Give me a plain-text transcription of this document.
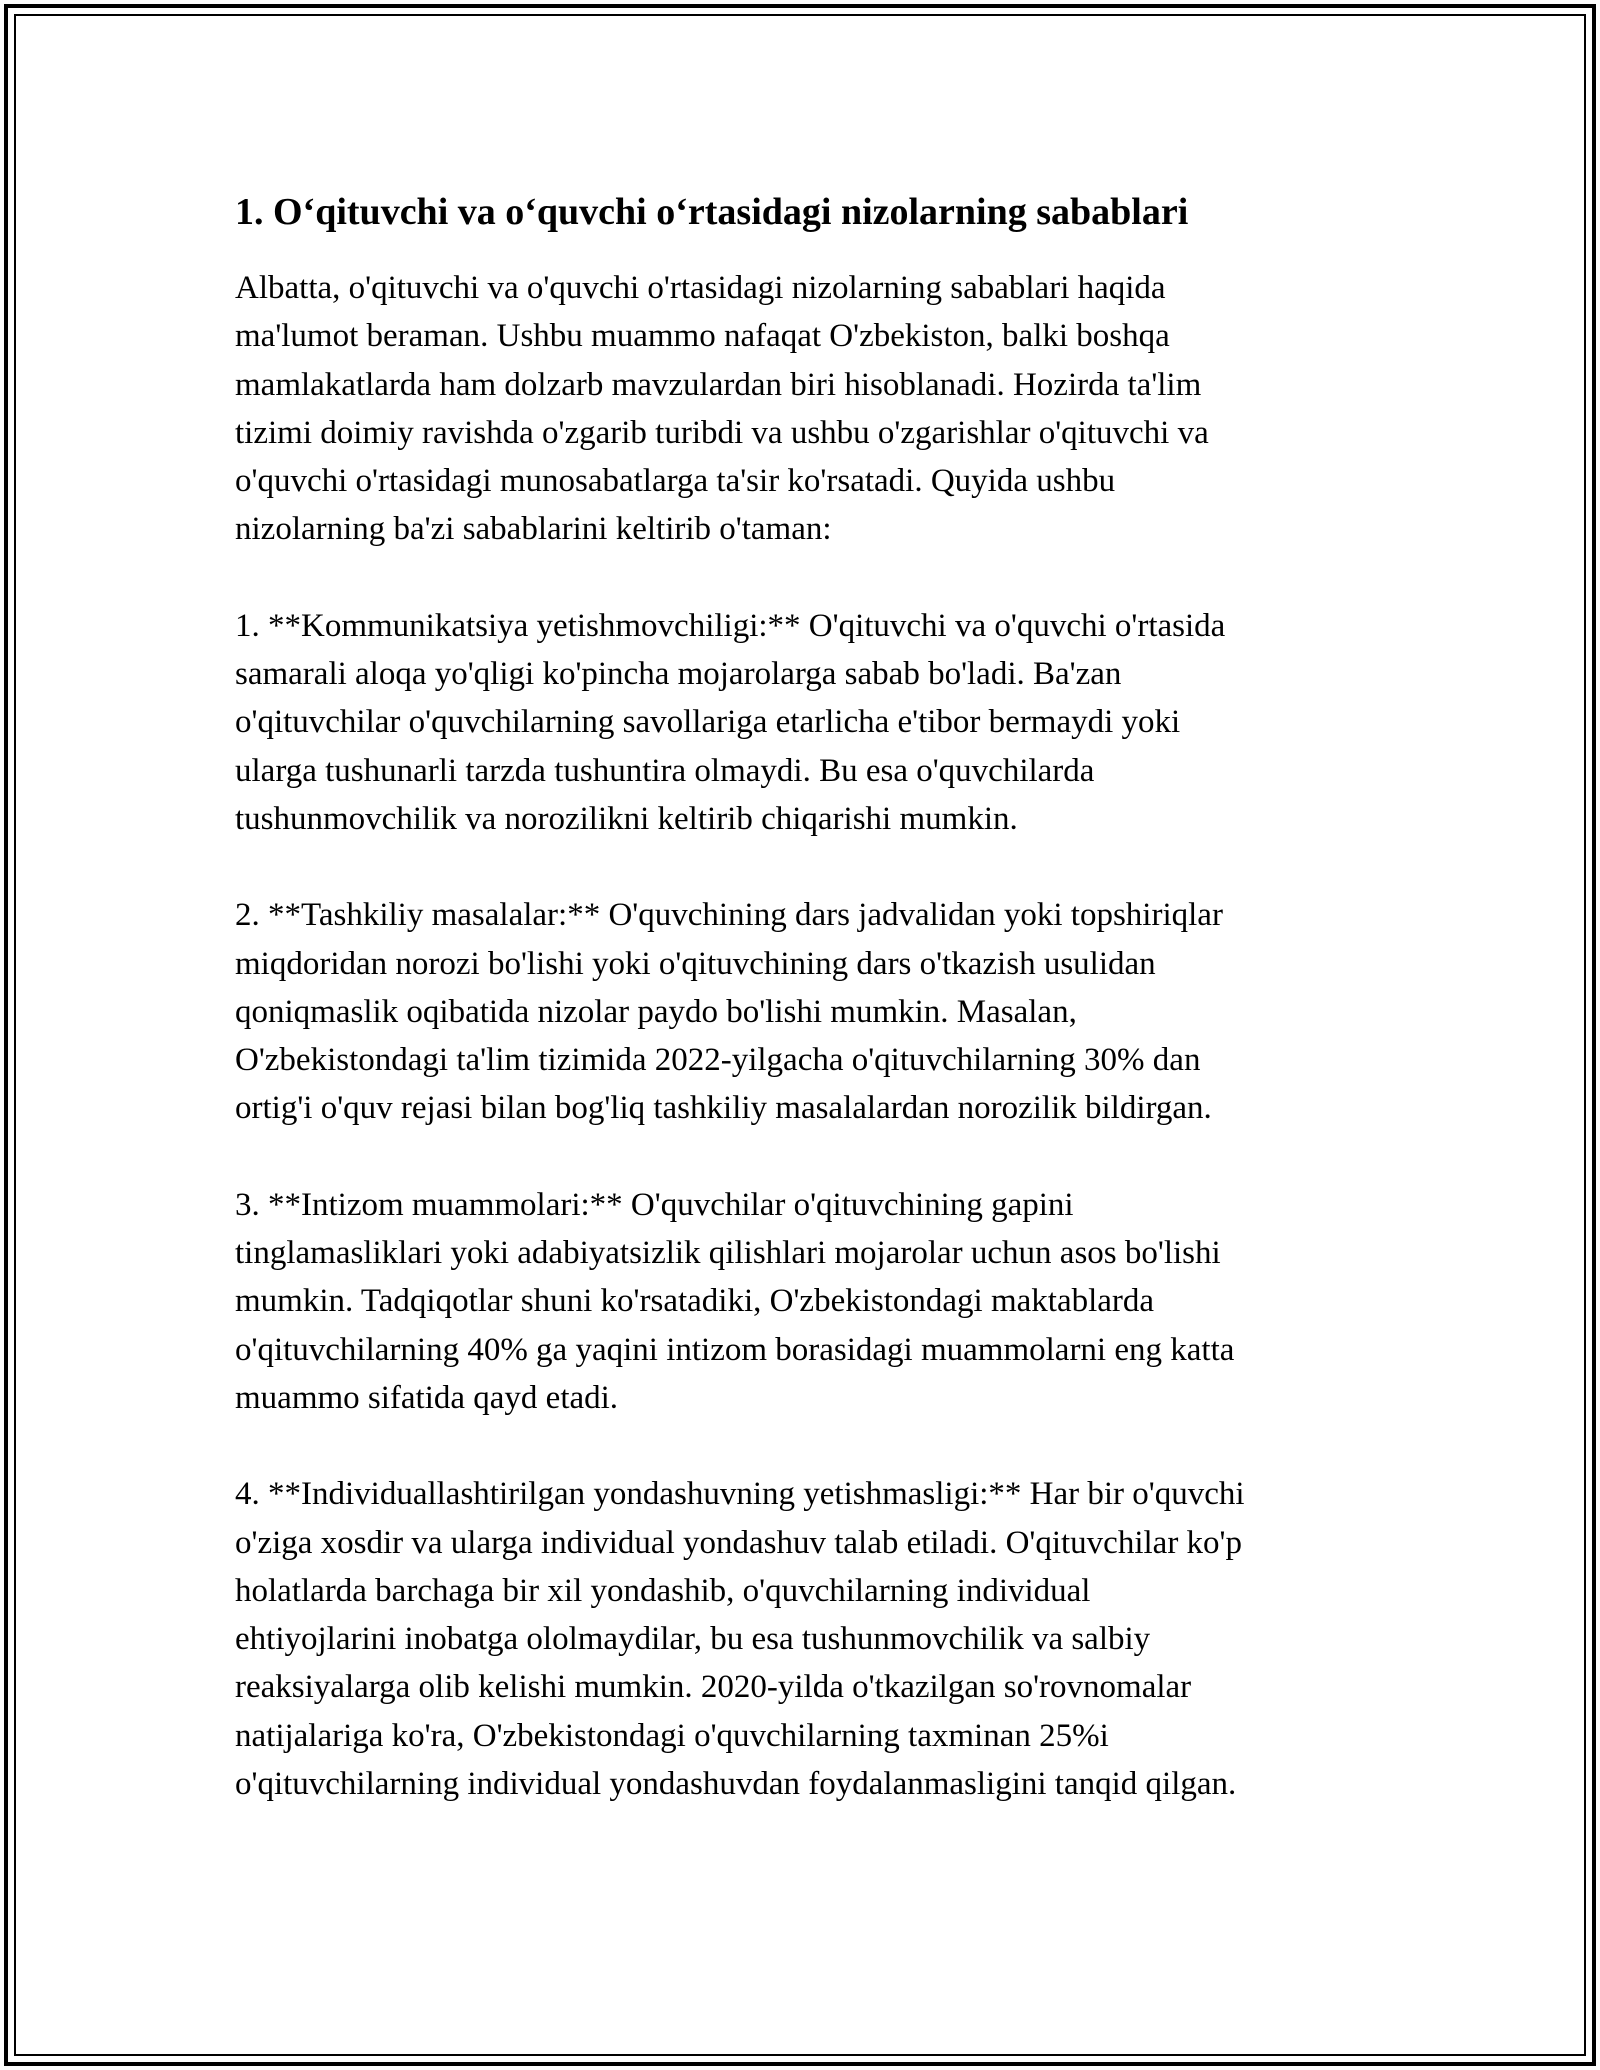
1. Oʻqituvchi va oʻquvchi oʻrtasidagi nizolarning sabablari

Albatta, o'qituvchi va o'quvchi o'rtasidagi nizolarning sabablari haqida
ma'lumot beraman. Ushbu muammo nafaqat O'zbekiston, balki boshqa
mamlakatlarda ham dolzarb mavzulardan biri hisoblanadi. Hozirda ta'lim
tizimi doimiy ravishda o'zgarib turibdi va ushbu o'zgarishlar o'qituvchi va
o'quvchi o'rtasidagi munosabatlarga ta'sir ko'rsatadi. Quyida ushbu
nizolarning ba'zi sabablarini keltirib o'taman:

1. **Kommunikatsiya yetishmovchiligi:** O'qituvchi va o'quvchi o'rtasida
samarali aloqa yo'qligi ko'pincha mojarolarga sabab bo'ladi. Ba'zan
o'qituvchilar o'quvchilarning savollariga etarlicha e'tibor bermaydi yoki
ularga tushunarli tarzda tushuntira olmaydi. Bu esa o'quvchilarda
tushunmovchilik va norozilikni keltirib chiqarishi mumkin.

2. **Tashkiliy masalalar:** O'quvchining dars jadvalidan yoki topshiriqlar
miqdoridan norozi bo'lishi yoki o'qituvchining dars o'tkazish usulidan
qoniqmaslik oqibatida nizolar paydo bo'lishi mumkin. Masalan,
O'zbekistondagi ta'lim tizimida 2022-yilgacha o'qituvchilarning 30% dan
ortig'i o'quv rejasi bilan bog'liq tashkiliy masalalardan norozilik bildirgan.

3. **Intizom muammolari:** O'quvchilar o'qituvchining gapini
tinglamasliklari yoki adabiyatsizlik qilishlari mojarolar uchun asos bo'lishi
mumkin. Tadqiqotlar shuni ko'rsatadiki, O'zbekistondagi maktablarda
o'qituvchilarning 40% ga yaqini intizom borasidagi muammolarni eng katta
muammo sifatida qayd etadi.

4. **Individuallashtirilgan yondashuvning yetishmasligi:** Har bir o'quvchi
o'ziga xosdir va ularga individual yondashuv talab etiladi. O'qituvchilar ko'p
holatlarda barchaga bir xil yondashib, o'quvchilarning individual
ehtiyojlarini inobatga ololmaydilar, bu esa tushunmovchilik va salbiy
reaksiyalarga olib kelishi mumkin. 2020-yilda o'tkazilgan so'rovnomalar
natijalariga ko'ra, O'zbekistondagi o'quvchilarning taxminan 25%i
o'qituvchilarning individual yondashuvdan foydalanmasligini tanqid qilgan.
